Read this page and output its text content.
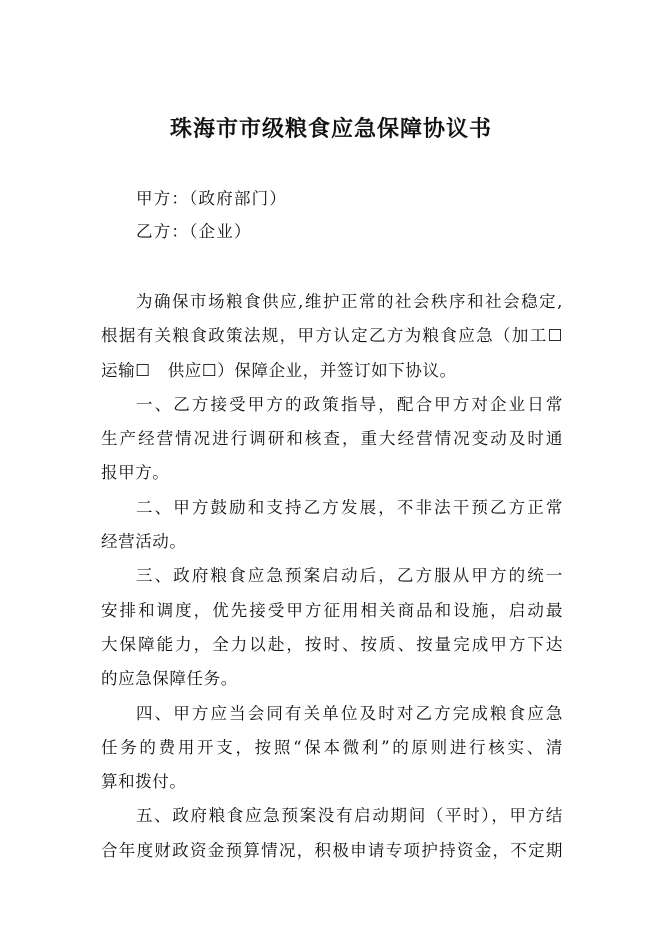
珠海市市级粮食应急保障协议书
甲方：（政府部门）
乙方：（企业）
为确保市场粮食供应,维护正常的社会秩序和社会稳定,
根据有关粮食政策法规，甲方认定乙方为粮食应急（加工☐
运输☐　供应☐）保障企业，并签订如下协议。
一、乙方接受甲方的政策指导，配合甲方对企业日常
生产经营情况进行调研和核查，重大经营情况变动及时通
报甲方。
二、甲方鼓励和支持乙方发展，不非法干预乙方正常
经营活动。
三、政府粮食应急预案启动后，乙方服从甲方的统一
安排和调度，优先接受甲方征用相关商品和设施，启动最
大保障能力，全力以赴，按时、按质、按量完成甲方下达
的应急保障任务。
四、甲方应当会同有关单位及时对乙方完成粮食应急
任务的费用开支，按照“保本微利”的原则进行核实、清
算和拨付。
五、政府粮食应急预案没有启动期间（平时），甲方结
合年度财政资金预算情况，积极申请专项护持资金，不定期
